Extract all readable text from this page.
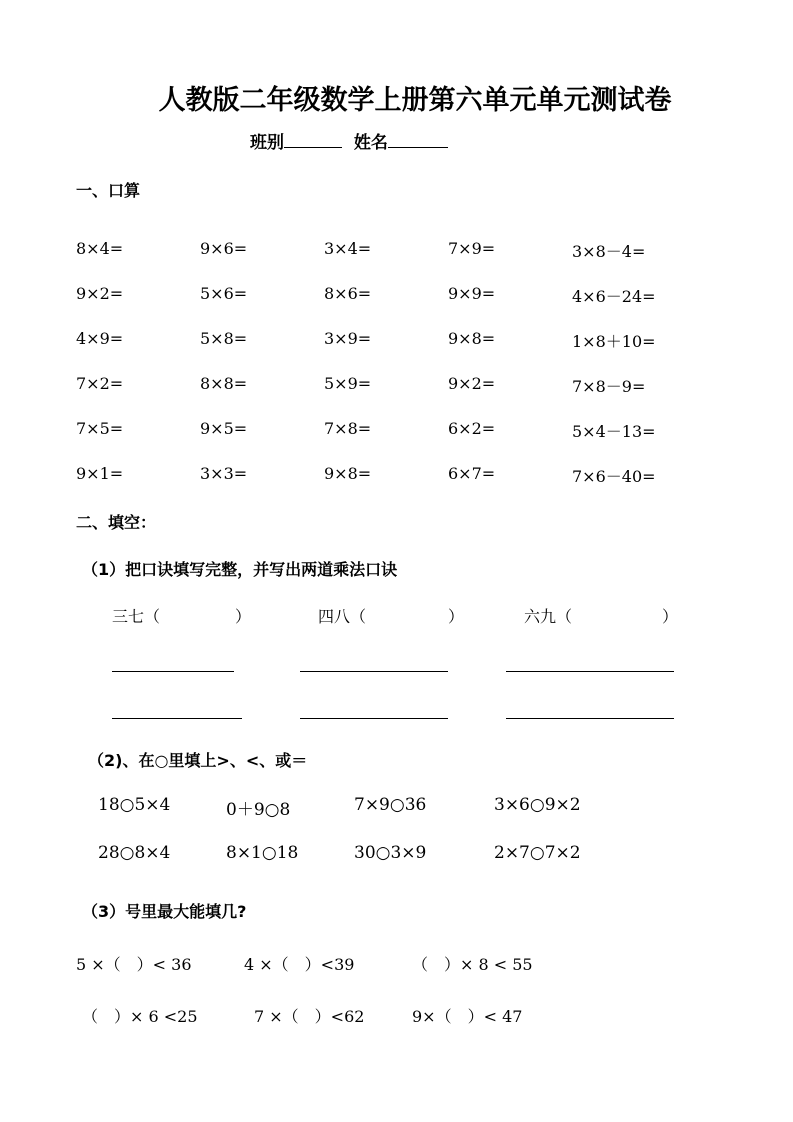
人教版二年级数学上册第六单元单元测试卷
班别	姓名
一、口算
8×4=	9×6=	3×4=	7×9=	3×8－4=
9×2=	5×6=	8×6=	9×9=	4×6－24=
4×9=	5×8=	3×9=	9×8=	1×8＋10=
7×2=	8×8=	5×9=	9×2=	7×8－9=
7×5=	9×5=	7×8=	6×2=	5×4－13=
9×1=	3×3=	9×8=	6×7=	7×6－40=
二、填空：
（1）把口诀填写完整，并写出两道乘法口诀
三七（	）	四八（	）	六九（	）
（2)、在○里填上>、<、或＝
18○5×4	0＋9○8	7×9○36	3×6○9×2
28○8×4	8×1○18	30○3×9	2×7○7×2
（3）号里最大能填几?
5 ×（　）< 36	4 ×（　）<39	（　）× 8 < 55
（　）× 6 <25	7 ×（　）<62	9×（　）< 47
